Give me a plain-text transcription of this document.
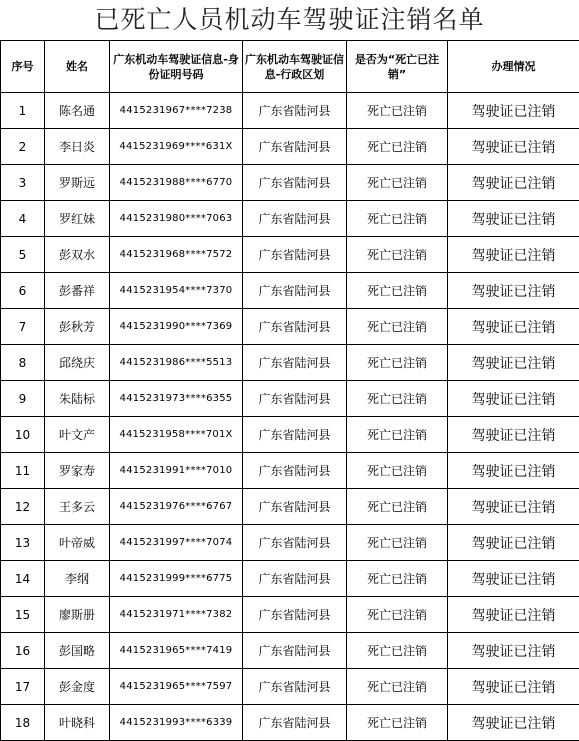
已死亡人员机动车驾驶证注销名单
序号	姓名	广东机动车驾驶证信息-身份证明号码	广东机动车驾驶证信息-行政区划	是否为“死亡已注销”	办理情况
1	陈名通	4415231967****7238	广东省陆河县	死亡已注销	驾驶证已注销
2	李日炎	4415231969****631X	广东省陆河县	死亡已注销	驾驶证已注销
3	罗斯远	4415231988****6770	广东省陆河县	死亡已注销	驾驶证已注销
4	罗红妹	4415231980****7063	广东省陆河县	死亡已注销	驾驶证已注销
5	彭双水	4415231968****7572	广东省陆河县	死亡已注销	驾驶证已注销
6	彭番祥	4415231954****7370	广东省陆河县	死亡已注销	驾驶证已注销
7	彭秋芳	4415231990****7369	广东省陆河县	死亡已注销	驾驶证已注销
8	邱绕庆	4415231986****5513	广东省陆河县	死亡已注销	驾驶证已注销
9	朱陆标	4415231973****6355	广东省陆河县	死亡已注销	驾驶证已注销
10	叶文产	4415231958****701X	广东省陆河县	死亡已注销	驾驶证已注销
11	罗家寿	4415231991****7010	广东省陆河县	死亡已注销	驾驶证已注销
12	王多云	4415231976****6767	广东省陆河县	死亡已注销	驾驶证已注销
13	叶帝威	4415231997****7074	广东省陆河县	死亡已注销	驾驶证已注销
14	李纲	4415231999****6775	广东省陆河县	死亡已注销	驾驶证已注销
15	廖斯册	4415231971****7382	广东省陆河县	死亡已注销	驾驶证已注销
16	彭国略	4415231965****7419	广东省陆河县	死亡已注销	驾驶证已注销
17	彭金度	4415231965****7597	广东省陆河县	死亡已注销	驾驶证已注销
18	叶晓科	4415231993****6339	广东省陆河县	死亡已注销	驾驶证已注销
